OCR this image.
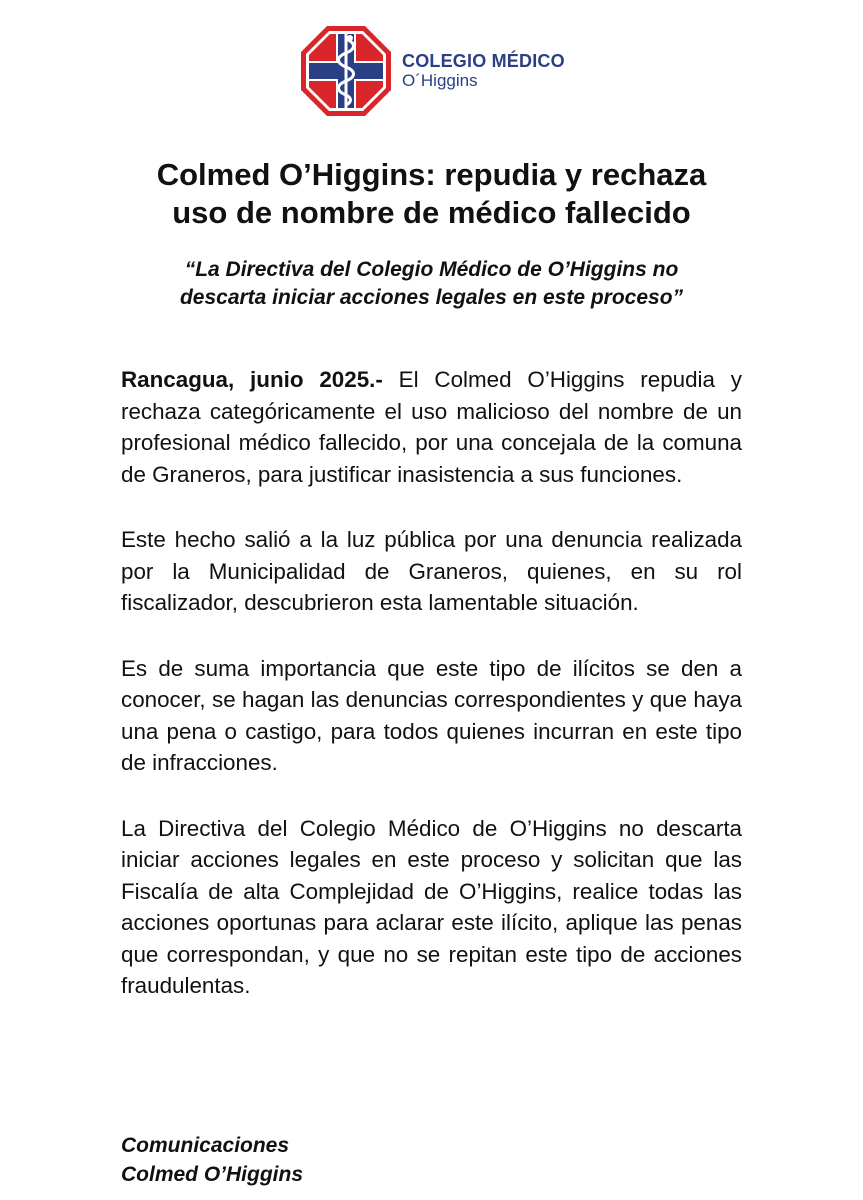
COLEGIO MÉDICO
O´Higgins
Colmed O’Higgins: repudia y rechaza
uso de nombre de médico fallecido
“La Directiva del Colegio Médico de O’Higgins no
descarta iniciar acciones legales en este proceso”

Rancagua, junio 2025.- El Colmed O’Higgins repudia y rechaza categóricamente el uso malicioso del nombre de un profesional médico fallecido, por una concejala de la comuna de Graneros, para justificar inasistencia a sus funciones.

Este hecho salió a la luz pública por una denuncia realizada por la Municipalidad de Graneros, quienes, en su rol fiscalizador, descubrieron esta lamentable situación.

Es de suma importancia que este tipo de ilícitos se den a conocer, se hagan las denuncias correspondientes y que haya una pena o castigo, para todos quienes incurran en este tipo de infracciones.

La Directiva del Colegio Médico de O’Higgins no descarta iniciar acciones legales en este proceso y solicitan que las Fiscalía de alta Complejidad de O’Higgins, realice todas las acciones oportunas para aclarar este ilícito, aplique las penas que correspondan, y que no se repitan este tipo de acciones fraudulentas.

Comunicaciones
Colmed O’Higgins
